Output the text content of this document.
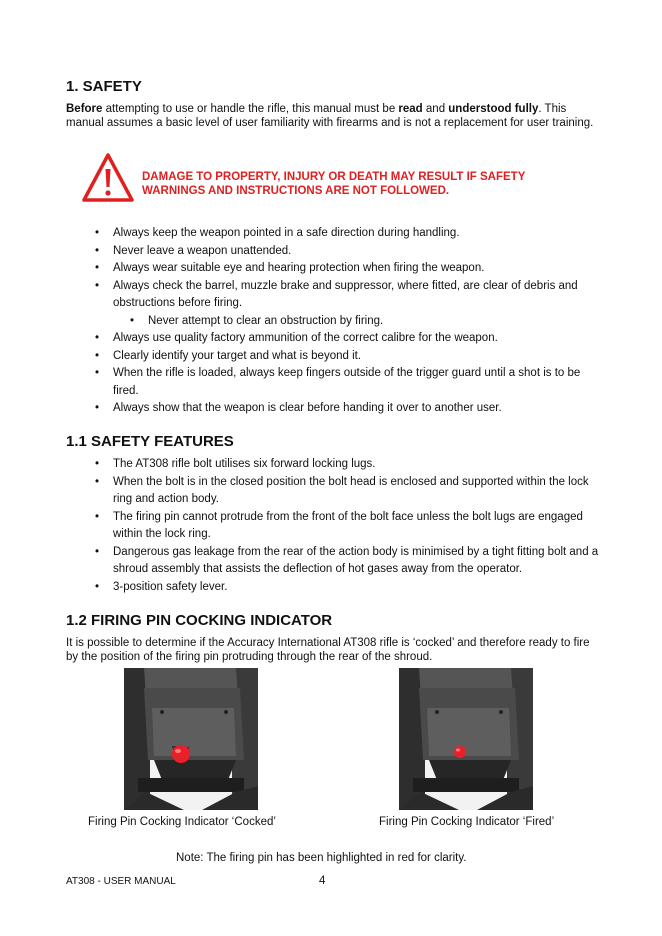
1. SAFETY
Before attempting to use or handle the rifle, this manual must be read and understood fully. This manual assumes a basic level of user familiarity with firearms and is not a replacement for user training.
DAMAGE TO PROPERTY, INJURY OR DEATH MAY RESULT IF SAFETY WARNINGS AND INSTRUCTIONS ARE NOT FOLLOWED.
• Always keep the weapon pointed in a safe direction during handling.
• Never leave a weapon unattended.
• Always wear suitable eye and hearing protection when firing the weapon.
• Always check the barrel, muzzle brake and suppressor, where fitted, are clear of debris and obstructions before firing.
• Never attempt to clear an obstruction by firing.
• Always use quality factory ammunition of the correct calibre for the weapon.
• Clearly identify your target and what is beyond it.
• When the rifle is loaded, always keep fingers outside of the trigger guard until a shot is to be fired.
• Always show that the weapon is clear before handing it over to another user.
1.1 SAFETY FEATURES
• The AT308 rifle bolt utilises six forward locking lugs.
• When the bolt is in the closed position the bolt head is enclosed and supported within the lock ring and action body.
• The firing pin cannot protrude from the front of the bolt face unless the bolt lugs are engaged within the lock ring.
• Dangerous gas leakage from the rear of the action body is minimised by a tight fitting bolt and a shroud assembly that assists the deflection of hot gases away from the operator.
• 3-position safety lever.
1.2 FIRING PIN COCKING INDICATOR
It is possible to determine if the Accuracy International AT308 rifle is ‘cocked’ and therefore ready to fire by the position of the firing pin protruding through the rear of the shroud.
Firing Pin Cocking Indicator ‘Cocked’	Firing Pin Cocking Indicator ‘Fired’
Note: The firing pin has been highlighted in red for clarity.
AT308 - USER MANUAL	4
